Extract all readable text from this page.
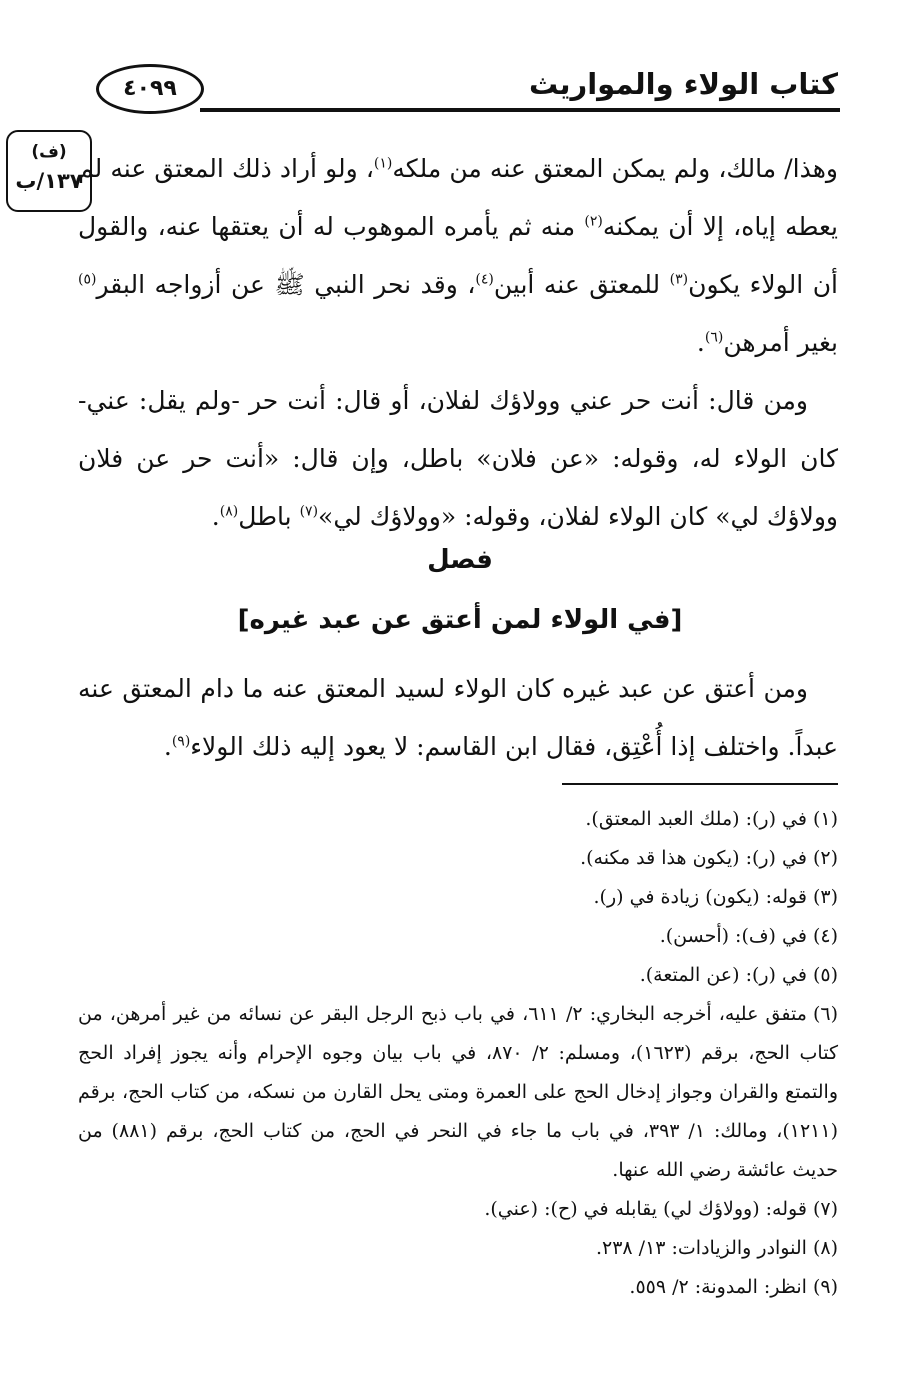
كتاب الولاء والمواريث
٤٠٩٩
(ف)
١٣٧/ب	وهذا/ مالك، ولم يمكن المعتق عنه من ملكه$^{(١)}$، ولو أراد ذلك المعتق عنه لم يعطه إياه، إلا أن يمكنه$^{(٢)}$ منه ثم يأمره الموهوب له أن يعتقها عنه، والقول أن الولاء يكون$^{(٣)}$ للمعتق عنه أبين$^{(٤)}$، وقد نحر النبي ﷺ عن أزواجه البقر$^{(٥)}$ بغير أمرهن$^{(٦)}$.
ومن قال: أنت حر عني وولاؤك لفلان، أو قال: أنت حر -ولم يقل: عني- كان الولاء له، وقوله: «عن فلان» باطل، وإن قال: «أنت حر عن فلان وولاؤك لي» كان الولاء لفلان، وقوله: «وولاؤك لي»$^{(٧)}$ باطل$^{(٨)}$.
فصل
[في الولاء لمن أعتق عن عبد غيره]
ومن أعتق عن عبد غيره كان الولاء لسيد المعتق عنه ما دام المعتق عنه عبداً. واختلف إذا أُعْتِق، فقال ابن القاسم: لا يعود إليه ذلك الولاء$^{(٩)}$.
(١)في (ر): (ملك العبد المعتق).
(٢)في (ر): (يكون هذا قد مكنه).
(٣)قوله: (يكون) زيادة في (ر).
(٤)في (ف): (أحسن).
(٥)في (ر): (عن المتعة).
(٦)متفق عليه، أخرجه البخاري: ٢/ ٦١١، في باب ذبح الرجل البقر عن نسائه من غير أمرهن، من كتاب الحج، برقم (١٦٢٣)، ومسلم: ٢/ ٨٧٠، في باب بيان وجوه الإحرام وأنه يجوز إفراد الحج والتمتع والقران وجواز إدخال الحج على العمرة ومتى يحل القارن من نسكه، من كتاب الحج، برقم (١٢١١)، ومالك: ١/ ٣٩٣، في باب ما جاء في النحر في الحج، من كتاب الحج، برقم (٨٨١) من حديث عائشة رضي الله عنها.
(٧)قوله: (وولاؤك لي) يقابله في (ح): (عني).
(٨)النوادر والزيادات: ١٣/ ٢٣٨.
(٩)انظر: المدونة: ٢/ ٥٥٩.
